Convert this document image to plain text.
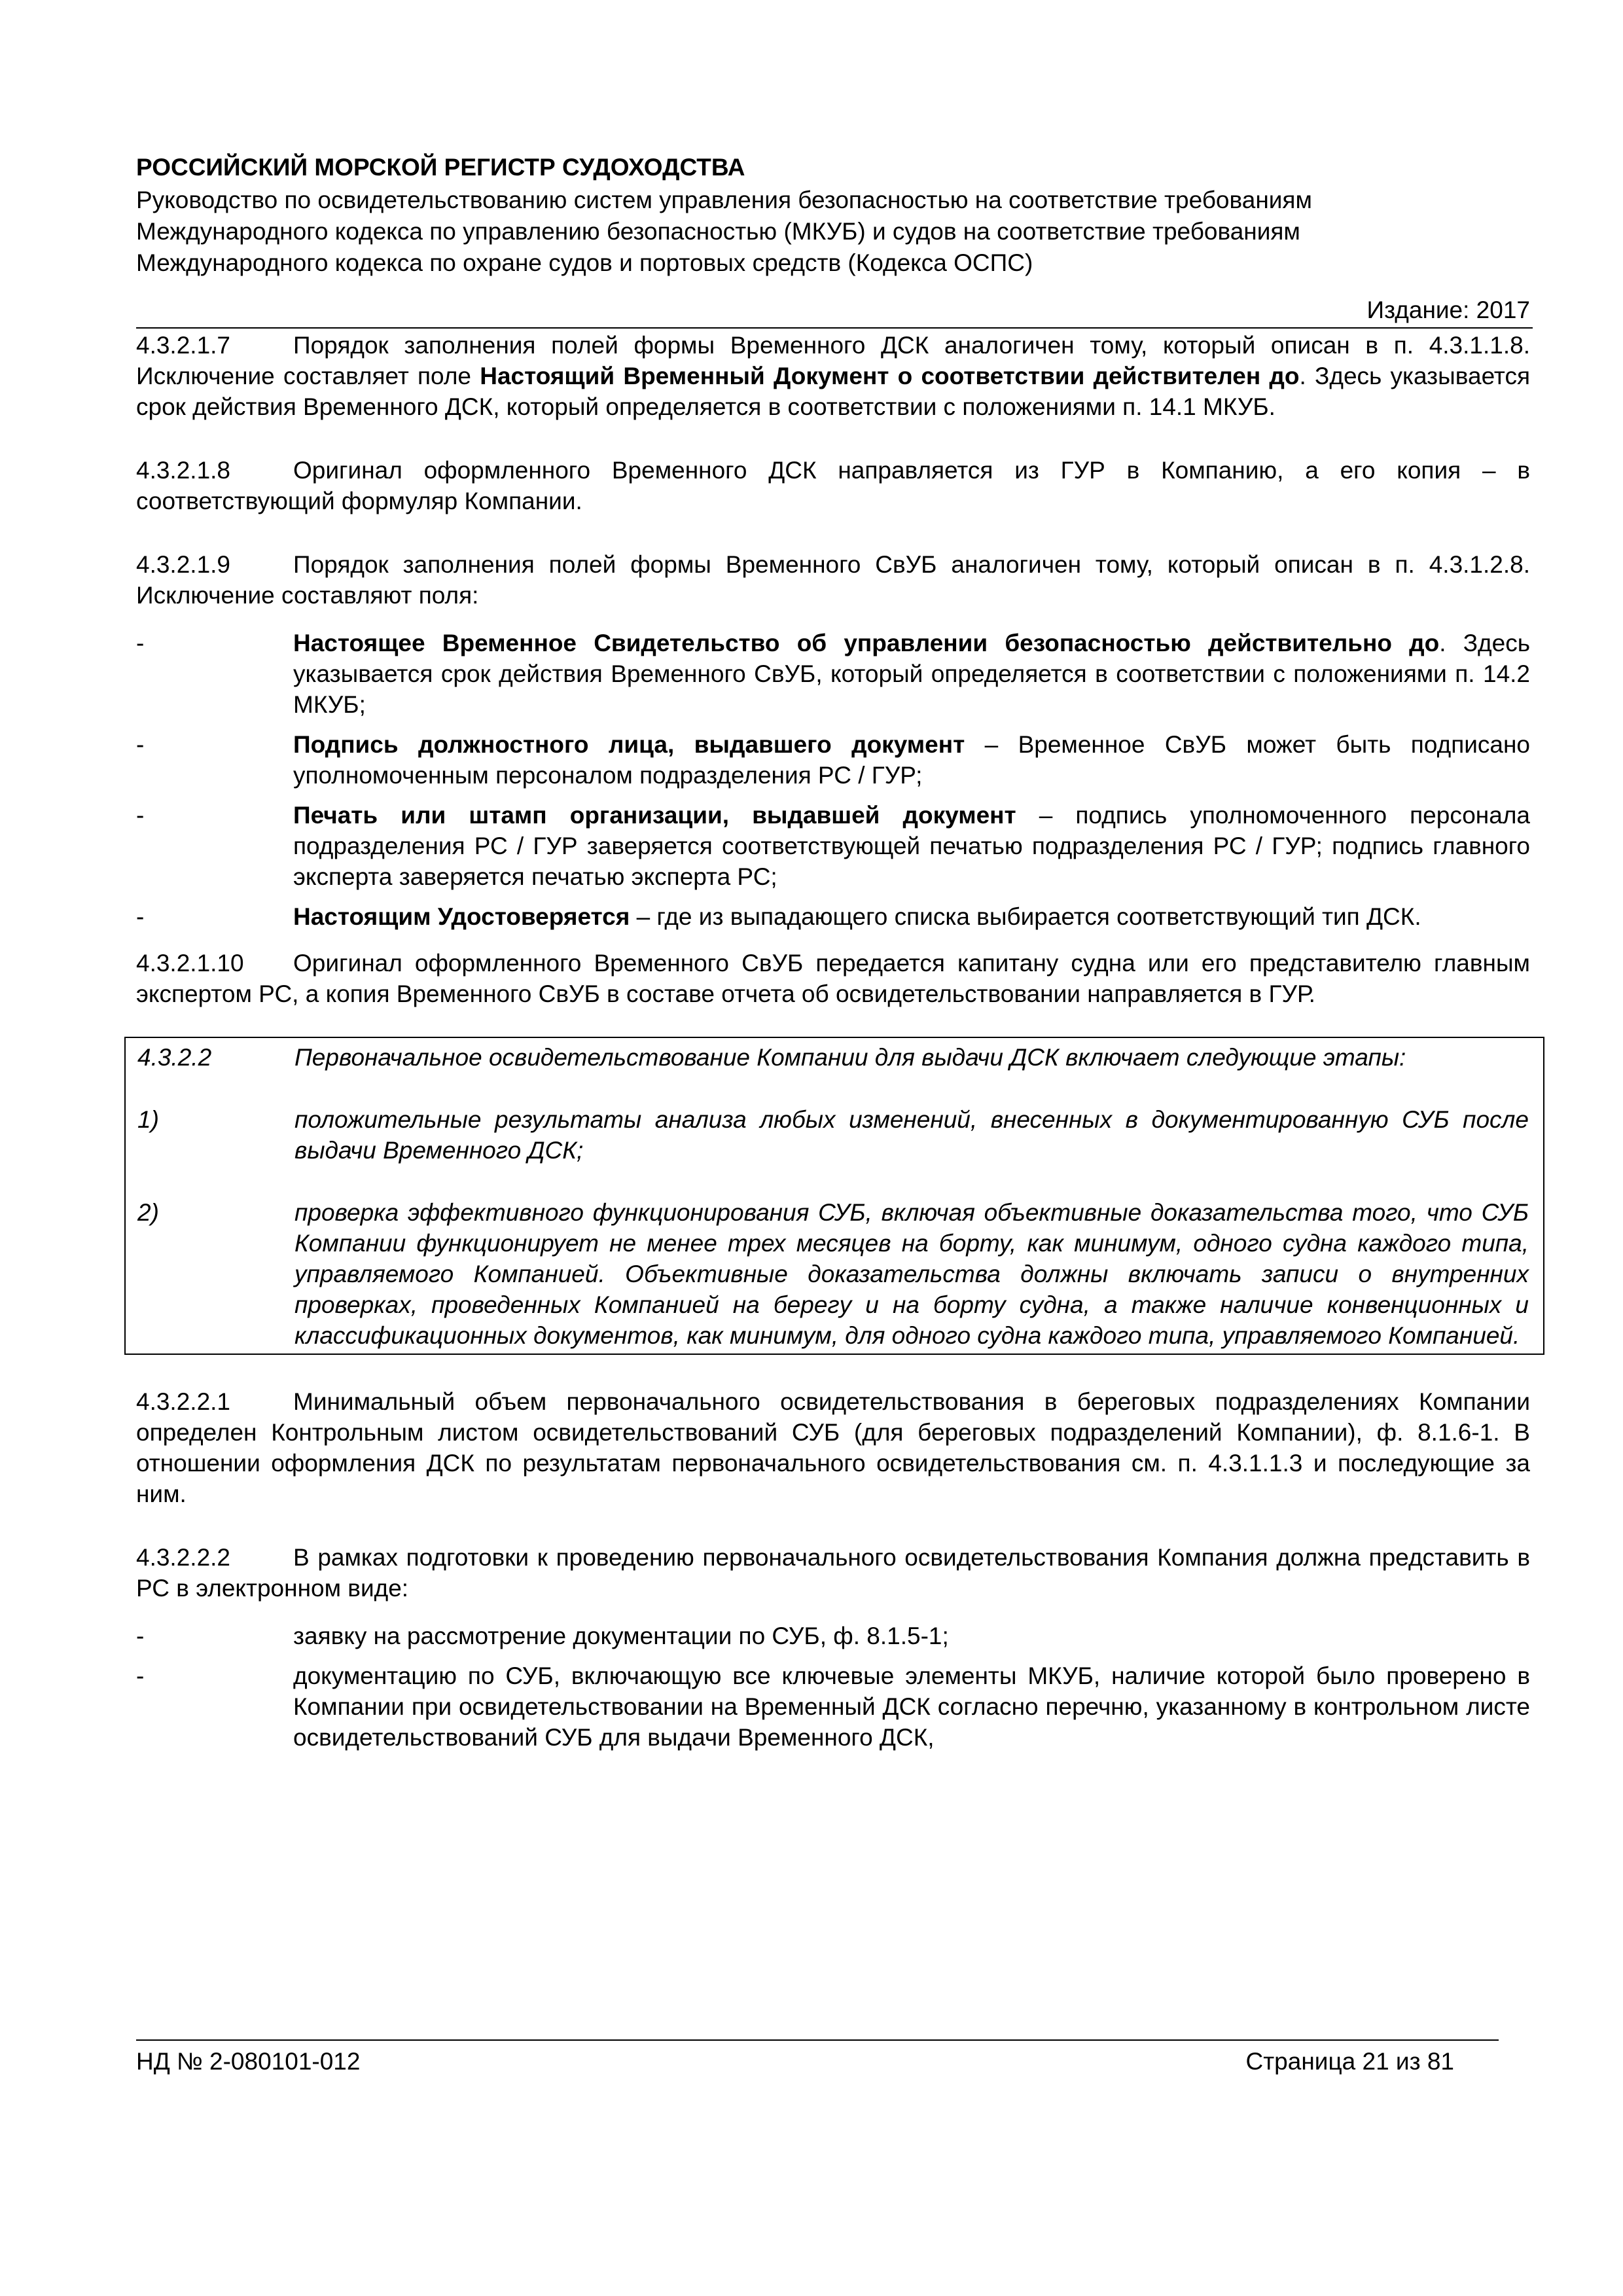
РОССИЙСКИЙ МОРСКОЙ РЕГИСТР СУДОХОДСТВА
Руководство по освидетельствованию систем управления безопасностью на соответствие требованиям
Международного кодекса по управлению безопасностью (МКУБ) и судов на соответствие требованиям
Международного кодекса по охране судов и портовых средств (Кодекса ОСПС)
Издание: 2017

4.3.2.1.7	Порядок заполнения полей формы Временного ДСК аналогичен тому, который описан в п. 4.3.1.1.8. Исключение составляет поле Настоящий Временный Документ о соответствии действителен до. Здесь указывается срок действия Временного ДСК, который определяется в соответствии с положениями п. 14.1 МКУБ.

4.3.2.1.8	Оригинал оформленного Временного ДСК направляется из ГУР в Компанию, а его копия – в соответствующий формуляр Компании.

4.3.2.1.9	Порядок заполнения полей формы Временного СвУБ аналогичен тому, который описан в п. 4.3.1.2.8. Исключение составляют поля:

-	Настоящее Временное Свидетельство об управлении безопасностью действительно до. Здесь указывается срок действия Временного СвУБ, который определяется в соответствии с положениями п. 14.2 МКУБ;
-	Подпись должностного лица, выдавшего документ – Временное СвУБ может быть подписано уполномоченным персоналом подразделения РС / ГУР;
-	Печать или штамп организации, выдавшей документ – подпись уполномоченного персонала подразделения РС / ГУР заверяется соответствующей печатью подразделения РС / ГУР; подпись главного эксперта заверяется печатью эксперта РС;
-	Настоящим Удостоверяется – где из выпадающего списка выбирается соответствующий тип ДСК.

4.3.2.1.10 Оригинал оформленного Временного СвУБ передается капитану судна или его представителю главным экспертом РС, а копия Временного СвУБ в составе отчета об освидетельствовании направляется в ГУР.

4.3.2.2	Первоначальное освидетельствование Компании для выдачи ДСК включает следующие этапы:

1)	положительные результаты анализа любых изменений, внесенных в документированную СУБ после выдачи Временного ДСК;
2)	проверка эффективного функционирования СУБ, включая объективные доказательства того, что СУБ Компании функционирует не менее трех месяцев на борту, как минимум, одного судна каждого типа, управляемого Компанией. Объективные доказательства должны включать записи о внутренних проверках, проведенных Компанией на берегу и на борту судна, а также наличие конвенционных и классификационных документов, как минимум, для одного судна каждого типа, управляемого Компанией.

4.3.2.2.1	Минимальный объем первоначального освидетельствования в береговых подразделениях Компании определен Контрольным листом освидетельствований СУБ (для береговых подразделений Компании), ф. 8.1.6-1. В отношении оформления ДСК по результатам первоначального освидетельствования см. п. 4.3.1.1.3 и последующие за ним.

4.3.2.2.2	В рамках подготовки к проведению первоначального освидетельствования Компания должна представить в РС в электронном виде:

-	заявку на рассмотрение документации по СУБ, ф. 8.1.5-1;
-	документацию по СУБ, включающую все ключевые элементы МКУБ, наличие которой было проверено в Компании при освидетельствовании на Временный ДСК согласно перечню, указанному в контрольном листе освидетельствований СУБ для выдачи Временного ДСК,
НД № 2-080101-012	Страница 21 из 81
